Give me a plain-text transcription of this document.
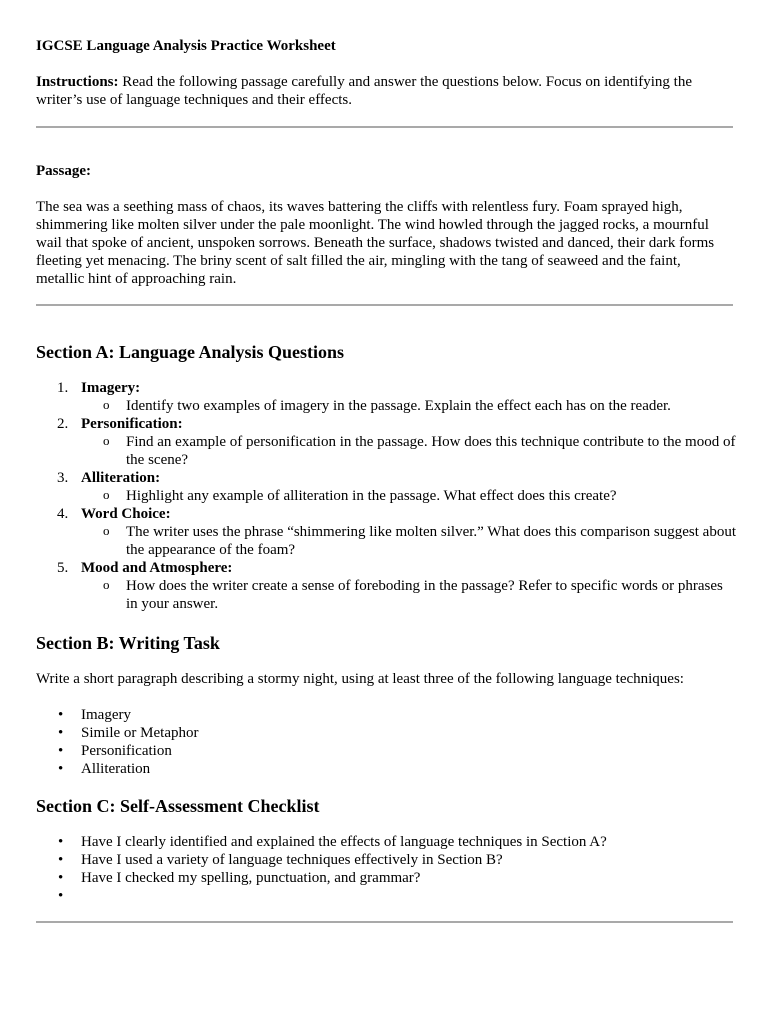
IGCSE Language Analysis Practice Worksheet
Instructions: Read the following passage carefully and answer the questions below. Focus on identifying the writer’s use of language techniques and their effects.
Passage:
The sea was a seething mass of chaos, its waves battering the cliffs with relentless fury. Foam sprayed high, shimmering like molten silver under the pale moonlight. The wind howled through the jagged rocks, a mournful wail that spoke of ancient, unspoken sorrows. Beneath the surface, shadows twisted and danced, their dark forms fleeting yet menacing. The briny scent of salt filled the air, mingling with the tang of seaweed and the faint, metallic hint of approaching rain.
Section A: Language Analysis Questions
1. Imagery:
o Identify two examples of imagery in the passage. Explain the effect each has on the reader.
2. Personification:
o Find an example of personification in the passage. How does this technique contribute to the mood of the scene?
3. Alliteration:
o Highlight any example of alliteration in the passage. What effect does this create?
4. Word Choice:
o The writer uses the phrase “shimmering like molten silver.” What does this comparison suggest about the appearance of the foam?
5. Mood and Atmosphere:
o How does the writer create a sense of foreboding in the passage? Refer to specific words or phrases in your answer.
Section B: Writing Task
Write a short paragraph describing a stormy night, using at least three of the following language techniques:
• Imagery
• Simile or Metaphor
• Personification
• Alliteration
Section C: Self-Assessment Checklist
• Have I clearly identified and explained the effects of language techniques in Section A?
• Have I used a variety of language techniques effectively in Section B?
• Have I checked my spelling, punctuation, and grammar?
•
